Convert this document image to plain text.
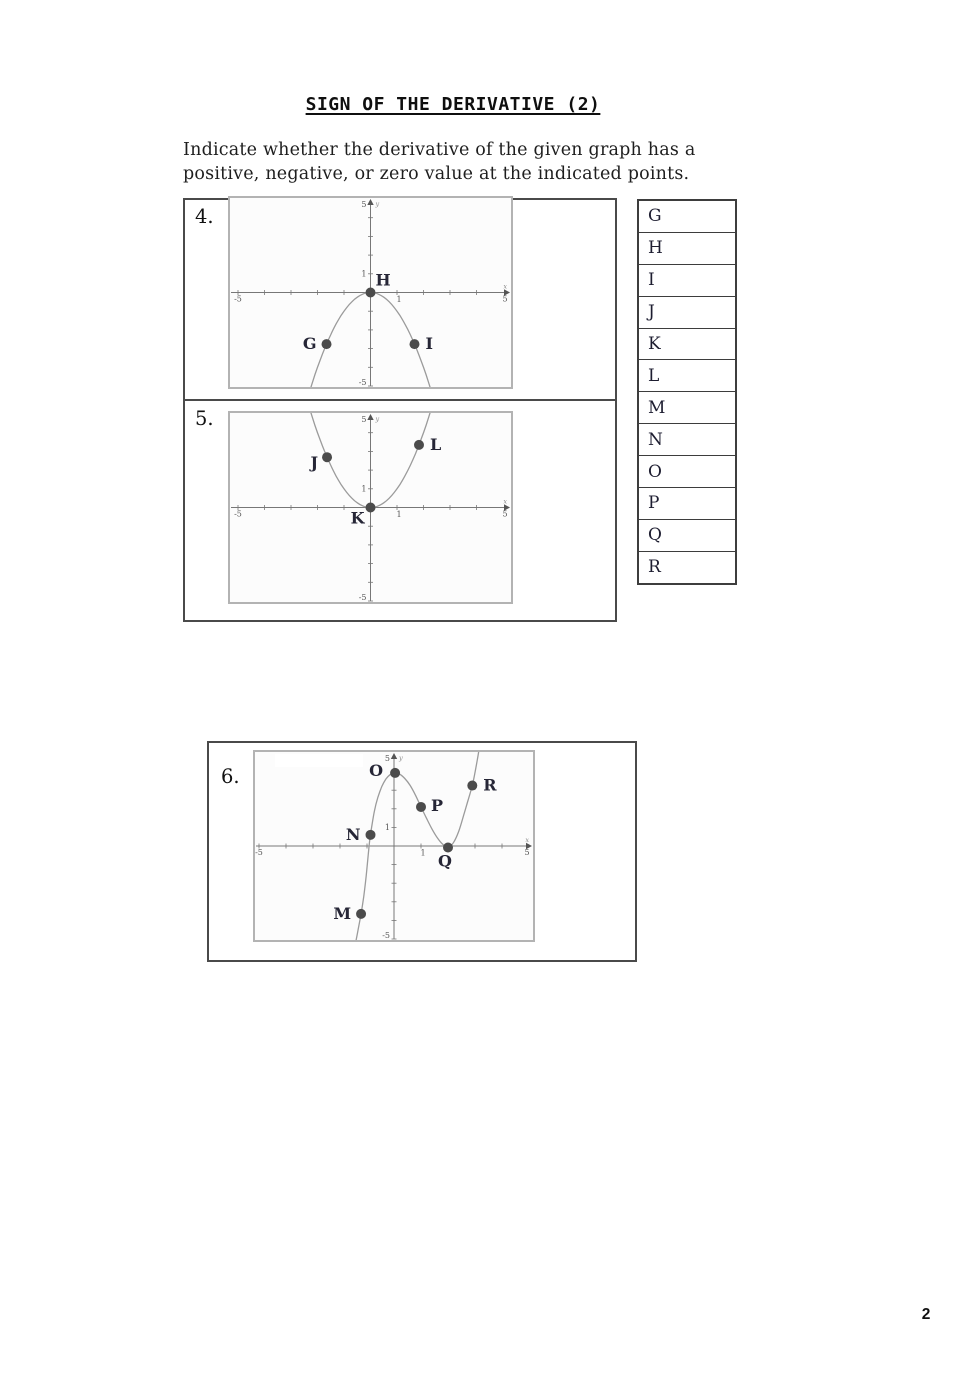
SIGN OF THE DERIVATIVE (2)
Indicate whether the derivative of the given graph has a
positive, negative, or zero value at the indicated points.
4.
5 y
1
-5
-5	1	5
x
G
H
I
5.	5 y
1
-5
-5	1	5
x
J
K
L
G
H
I
J
K
L
M
N
O
P
Q
R
6.
5 y
1
-5
-5	1	5
x
M
N
O
P
Q
R
2
